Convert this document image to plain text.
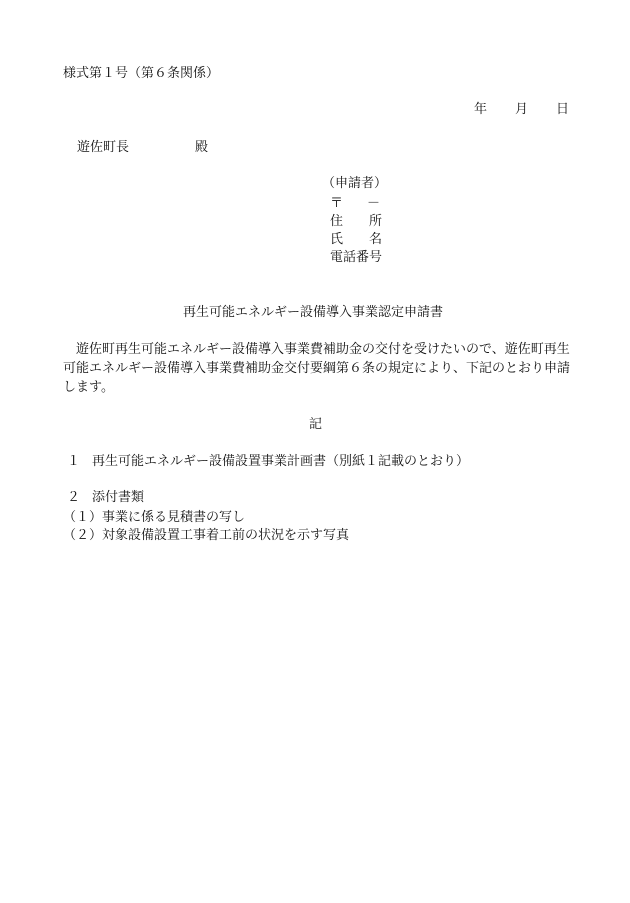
様式第１号（第６条関係）
年 月 日
遊佐町長	殿
（申請者）
〒 －
住 所
氏 名
電話番号
再生可能エネルギー設備導入事業認定申請書
遊佐町再生可能エネルギー設備導入事業費補助金の交付を受けたいので、遊佐町再生可能エネルギー設備導入事業費補助金交付要綱第６条の規定により、下記のとおり申請します。
記
１ 再生可能エネルギー設備設置事業計画書（別紙１記載のとおり）
２ 添付書類
（１）事業に係る見積書の写し
（２）対象設備設置工事着工前の状況を示す写真
